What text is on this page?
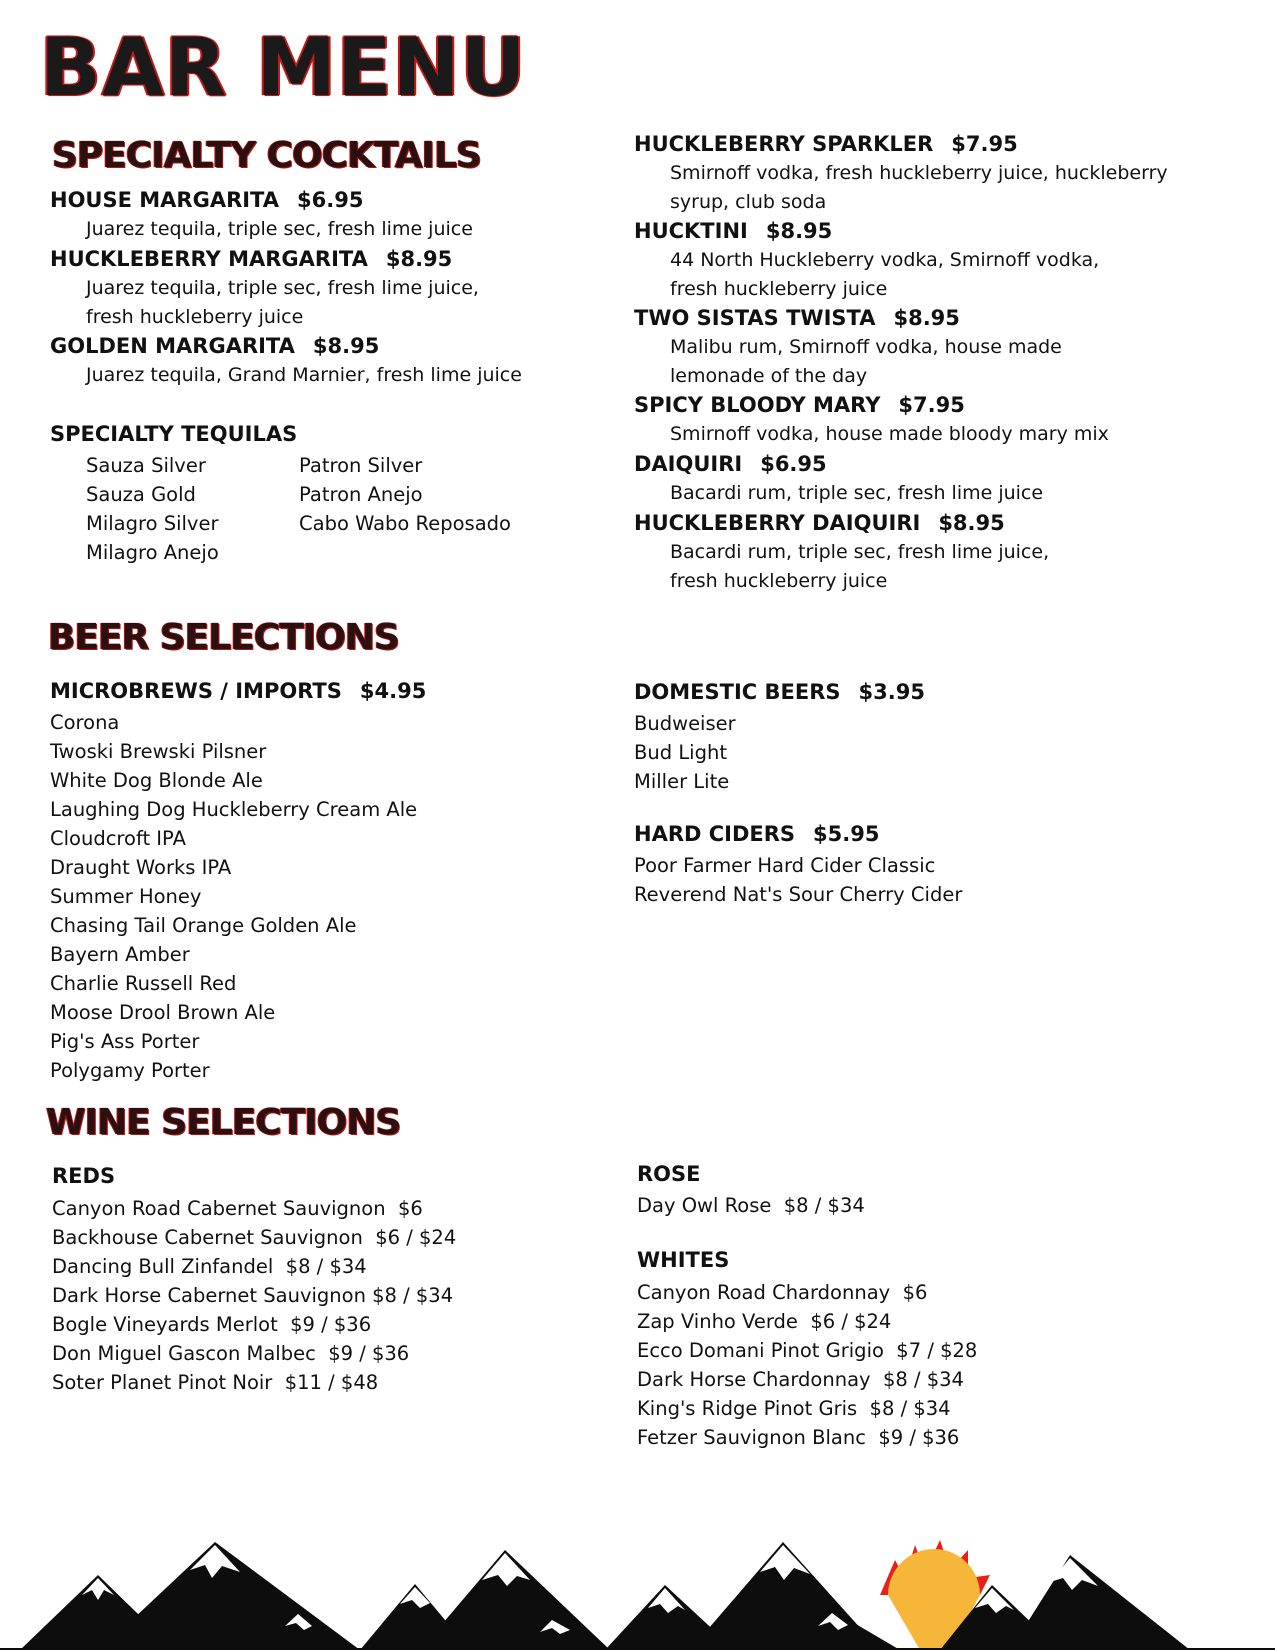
BAR MENU
SPECIALTY COCKTAILS
HOUSE MARGARITA $6.95
Juarez tequila, triple sec, fresh lime juice
HUCKLEBERRY MARGARITA $8.95
Juarez tequila, triple sec, fresh lime juice,
fresh huckleberry juice
GOLDEN MARGARITA $8.95
Juarez tequila, Grand Marnier, fresh lime juice
SPECIALTY TEQUILAS
Sauza Silver
Sauza Gold
Milagro Silver
Milagro Anejo
Patron Silver
Patron Anejo
Cabo Wabo Reposado
HUCKLEBERRY SPARKLER $7.95
Smirnoff vodka, fresh huckleberry juice, huckleberry
syrup, club soda
HUCKTINI $8.95
44 North Huckleberry vodka, Smirnoff vodka,
fresh huckleberry juice
TWO SISTAS TWISTA $8.95
Malibu rum, Smirnoff vodka, house made
lemonade of the day
SPICY BLOODY MARY $7.95
Smirnoff vodka, house made bloody mary mix
DAIQUIRI $6.95
Bacardi rum, triple sec, fresh lime juice
HUCKLEBERRY DAIQUIRI $8.95
Bacardi rum, triple sec, fresh lime juice,
fresh huckleberry juice
BEER SELECTIONS
MICROBREWS / IMPORTS $4.95
Corona
Twoski Brewski Pilsner
White Dog Blonde Ale
Laughing Dog Huckleberry Cream Ale
Cloudcroft IPA
Draught Works IPA
Summer Honey
Chasing Tail Orange Golden Ale
Bayern Amber
Charlie Russell Red
Moose Drool Brown Ale
Pig's Ass Porter
Polygamy Porter
DOMESTIC BEERS $3.95
Budweiser
Bud Light
Miller Lite
HARD CIDERS $5.95
Poor Farmer Hard Cider Classic
Reverend Nat's Sour Cherry Cider
WINE SELECTIONS
REDS
Canyon Road Cabernet Sauvignon  $6
Backhouse Cabernet Sauvignon  $6 / $24
Dancing Bull Zinfandel  $8 / $34
Dark Horse Cabernet Sauvignon $8 / $34
Bogle Vineyards Merlot  $9 / $36
Don Miguel Gascon Malbec  $9 / $36
Soter Planet Pinot Noir  $11 / $48
ROSE
Day Owl Rose  $8 / $34
WHITES
Canyon Road Chardonnay  $6
Zap Vinho Verde  $6 / $24
Ecco Domani Pinot Grigio  $7 / $28
Dark Horse Chardonnay  $8 / $34
King's Ridge Pinot Gris  $8 / $34
Fetzer Sauvignon Blanc  $9 / $36
